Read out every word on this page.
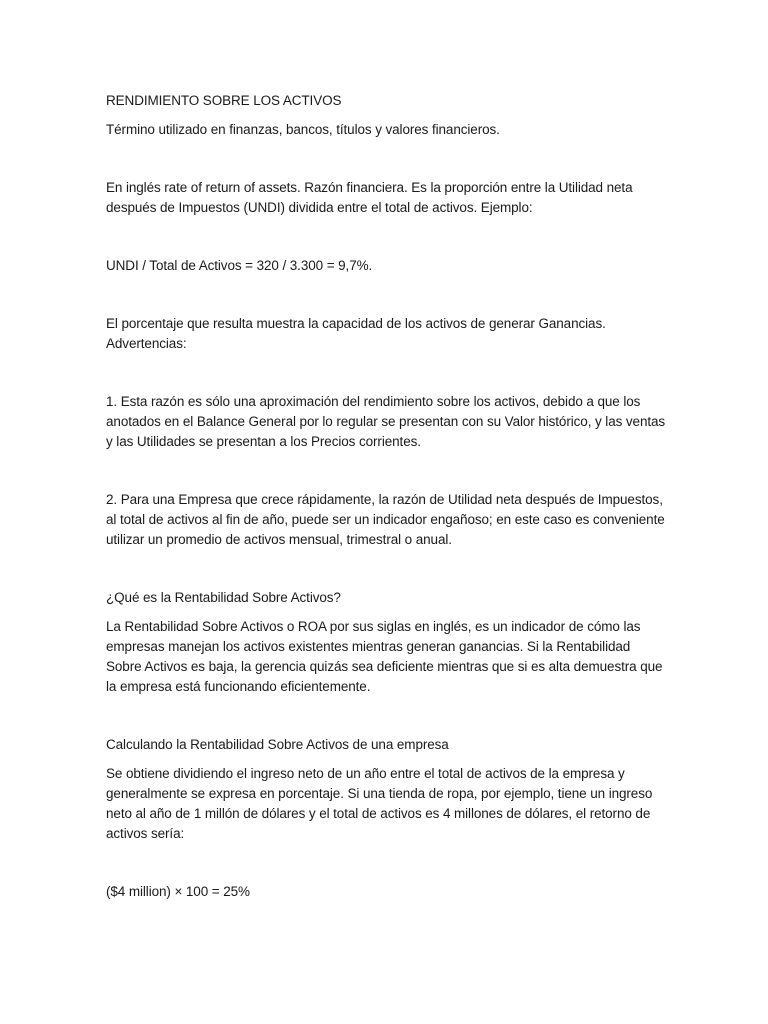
RENDIMIENTO SOBRE LOS ACTIVOS

Término utilizado en finanzas, bancos, títulos y valores financieros.

En inglés rate of return of assets. Razón financiera. Es la proporción entre la Utilidad neta después de Impuestos (UNDI) dividida entre el total de activos. Ejemplo:

UNDI / Total de Activos = 320 / 3.300 = 9,7%.

El porcentaje que resulta muestra la capacidad de los activos de generar Ganancias. Advertencias:

1. Esta razón es sólo una aproximación del rendimiento sobre los activos, debido a que los anotados en el Balance General por lo regular se presentan con su Valor histórico, y las ventas y las Utilidades se presentan a los Precios corrientes.

2. Para una Empresa que crece rápidamente, la razón de Utilidad neta después de Impuestos, al total de activos al fin de año, puede ser un indicador engañoso; en este caso es conveniente utilizar un promedio de activos mensual, trimestral o anual.

¿Qué es la Rentabilidad Sobre Activos?

La Rentabilidad Sobre Activos o ROA por sus siglas en inglés, es un indicador de cómo las empresas manejan los activos existentes mientras generan ganancias. Si la Rentabilidad Sobre Activos es baja, la gerencia quizás sea deficiente mientras que si es alta demuestra que la empresa está funcionando eficientemente.

Calculando la Rentabilidad Sobre Activos de una empresa

Se obtiene dividiendo el ingreso neto de un año entre el total de activos de la empresa y generalmente se expresa en porcentaje. Si una tienda de ropa, por ejemplo, tiene un ingreso neto al año de 1 millón de dólares y el total de activos es 4 millones de dólares, el retorno de activos sería:

($4 million) × 100 = 25%
